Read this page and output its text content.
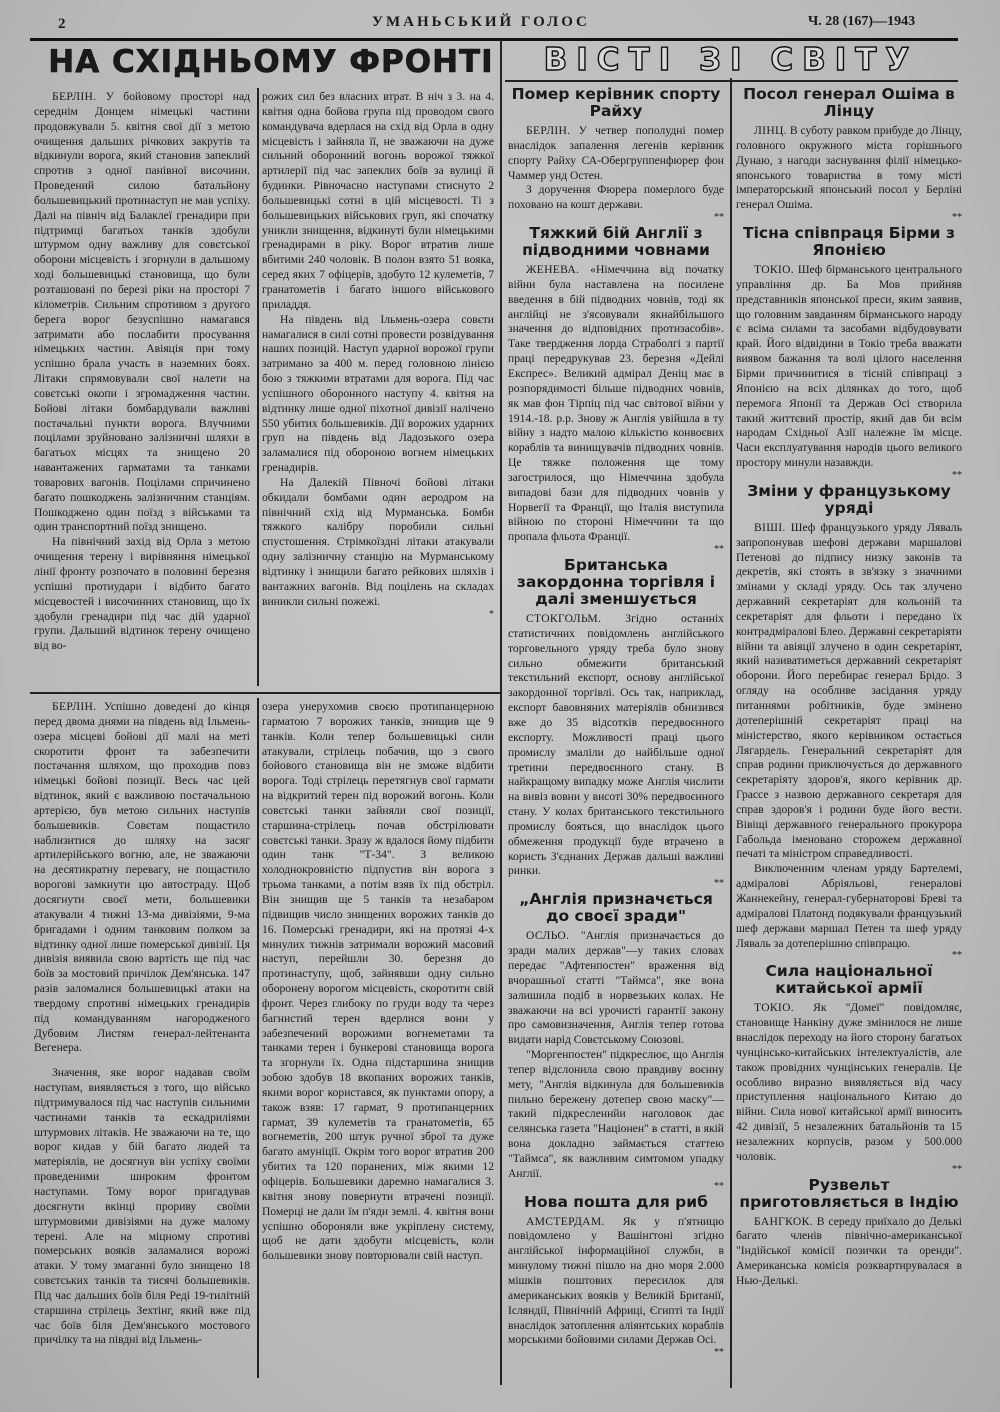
2	УМАНЬСЬКИЙ ГОЛОС	Ч. 28 (167)—1943
НА СХІДНЬОМУ ФРОНТІ	ВІСТІ ЗІ СВІТУ

БЕРЛІН. У бойовому просторі над середнім Донцем німецькі частини продовжували 5. квітня свої дії з метою очищення дальших річкових закрутів та відкинули ворога, який становив запеклий спротив з одної панівної височини. Проведений силою батальйону большевицький протинаступ не мав успіху. Далі на північ від Балаклеї гренадири при підтримці багатьох танків здобули штурмом одну важливу для совєтської оборони місцевість і згорнули в дальшому ході большевицькі становища, що були розташовані по березі ріки на просторі 7 кілометрів. Сильним спротивом з другого берега ворог безуспішно намагався затримати або послабити просування німецьких частин. Авіяція при тому успішно брала участь в наземних боях. Літаки спрямовували свої налети на совєтські окопи і згромадження частин. Бойові літаки бомбардували важливі постачальні пункти ворога. Влучними поцілами зруйновано залізничні шляхи в багатьох місцях та знищено 20 навантажених гарматами та танками товарових вагонів. Поцілами спричинено багато пошкоджень залізничним станціям. Пошкоджено один поїзд з військами та один транспортний поїзд знищено.

На північний захід від Орла з метою очищення терену і вирівняння німецької лінії фронту розпочато в половині березня успішні протиудари і відбито багато місцевостей і височинних становищ, що їх здобули гренадири під час дій ударної групи. Дальший відтинок терену очищено від во-

рожих сил без власних втрат. В ніч з 3. на 4. квітня одна бойова група під проводом свого командувача вдерлася на схід від Орла в одну місцевість і зайняла її, не зважаючи на дуже сильний оборонний вогонь ворожої тяжкої артилерії під час запеклих боїв за вулиці й будинки. Рівночасно наступами стиснуто 2 большевицькі сотні в цій місцевості. Ті з большевицьких військових груп, які спочатку уникли знищення, відкинуті були німецькими гренадирами в ріку. Ворог втратив лише вбитими 240 чоловік. В полон взято 51 вояка, серед яких 7 офіцерів, здобуто 12 кулеметів, 7 гранатометів і багато іншого військового приладдя.

На південь від Ільмень-озера совєти намагалися в силі сотні провести розвідування наших позицій. Наступ ударної ворожої групи затримано за 400 м. перед головною лінією бою з тяжкими втратами для ворога. Під час успішного оборонного наступу 4. квітня на відтинку лише одної піхотної дивізії налічено 550 убитих большевиків. Дії ворожих ударних груп на південь від Ладозького озера заламалися під обороною вогнем німецьких гренадирів.

На Далекій Півночі бойові літаки обкидали бомбами один аеродром на північний схід від Мурманська. Бомби тяжкого калібру поробили сильні спустошення. Стрімкоїздні літаки атакували одну залізничну станцію на Мурманському відтинку і знищили багато рейкових шляхів і вантажних вагонів. Від поцілень на складах виникли сильні пожежі.

*

БЕРЛІН. Успішно доведені до кінця перед двома днями на південь від Ільмень-озера місцеві бойові дії малі на меті скоротити фронт та забезпечити постачання шляхом, що проходив повз німецькі бойові позиції. Весь час цей відтинок, який є важливою постачальною артерією, був метою сильних наступів большевиків. Совєтам пощастило наблизитися до шляху на засяг артилерійського вогню, але, не зважаючи на десятикратну перевагу, не пощастило ворогові замкнути цю автостраду. Щоб досягнути своєї мети, большевики атакували 4 тижні 13-ма дивізіями, 9-ма бригадами і одним танковим полком за відтинку одної лише померської дивізії. Ця дивізія виявила свою вартість ще під час боїв за мостовий причілок Дем'янська. 147 разів заломалися большевицькі атаки на твердому спротиві німецьких гренадирів під командуванням нагородженого Дубовим Листям генерал-лейтенанта Вегенера.

Значення, яке ворог надавав своїм наступам, виявляється з того, що військо підтримувалося під час наступів сильними частинами танків та ескадриліями штурмових літаків. Не зважаючи на те, що ворог кидав у бій багато людей та матеріялів, не досягнув він успіху своїми проведеними широким фронтом наступами. Тому ворог пригадував досягнути вкінці прориву своїми штурмовими дивізіями на дуже малому терені. Але на міцному спротиві померських вояків заламалися ворожі атаки. У тому змаганні було знищено 18 совєтських танків та тисячі большевиків. Під час дальших боїв біля Реді 19-тилітній старшина стрілець Зехтінг, який вже під час боїв біля Дем'янського мостового причілку та на півдні від Ільмень-

озера унерухомив своєю протипанцерною гарматою 7 ворожих танків, знищив ще 9 танків. Коли тепер большевицькі сили атакували, стрілець побачив, що з свого бойового становища він не зможе відбити ворога. Тоді стрілець перетягнув свої гармати на відкритий терен під ворожий вогонь. Коли совєтські танки зайняли свої позиції, старшина-стрілець почав обстрілювати совєтські танки. Зразу ж вдалося йому підбити один танк "Т-34". З великою холоднокровністю підпустив він ворога з трьома танками, а потім взяв їх під обстріл. Він знищив ще 5 танків та незабаром підвищив число знищених ворожих танків до 16. Померські гренадири, які на протязі 4-х минулих тижнів затримали ворожий масовий наступ, перейшли 30. березня до протинаступу, щоб, зайнявши одну сильно оборонену ворогом місцевість, скоротити свій фронт. Через глибоку по груди воду та через багнистий терен вдерлися вони у забезпечений ворожими вогнеметами та танками терен і бункерові становища ворога та згорнули їх. Одна підстаршина знищив зобою здобув 18 вкопаних ворожих танків, якими ворог користався, як пунктами опору, а також взяв: 17 гармат, 9 протипанцерних гармат, 39 кулеметів та гранатометів, 65 вогнеметів, 200 штук ручної зброї та дуже багато амуніції. Окрім того ворог втратив 200 убитих та 120 поранених, між якими 12 офіцерів. Большевики даремно намагалися 3. квітня знову повернути втрачені позиції. Померці не дали їм п'яди землі. 4. квітня вони успішно обороняли вже укріплену систему, щоб не дати здобути місцевість, коли большевики знову повторювали свій наступ.

Помер керівник спорту Райху

БЕРЛІН. У четвер пополудні помер внаслідок запалення легенів керівник спорту Райху СА-Обергруппенфюрер фон Чаммер унд Остен.

З доручення Фюрера померлого буде поховано на кошт держави.

**
Тяжкий бій Англії з підводними човнами

ЖЕНЕВА. «Німеччина від початку війни була наставлена на посилене введення в бій підводних човнів, тоді як англійці не з'ясовували якнайбільшого значення до відповідних протизасобів». Таке твердження лорда Страболгі з партії праці передрукував 23. березня «Дейлі Експрес». Великий адмірал Деніц має в розпорядимості більше підводних човнів, як мав фон Тірпіц під час світової війни у 1914.-18. р.р. Знову ж Англія увійшла в ту війну з надто малою кількістю конвоєвих кораблів та винищувачів підводних човнів. Це тяжке положення ще тому загострилося, що Німеччина здобула випадові бази для підводних човнів у Норвегії та Франції, що Італія виступила війною по стороні Німеччини та що пропала фльота Франції.

**
Британська закордонна торгівля і далі зменшується

СТОКГОЛЬМ. Згідно останніх статистичних повідомлень англійського торговельного уряду треба було знову сильно обмежити британський текстильний експорт, основу англійської закордонної торгівлі. Ось так, наприклад, експорт бавовняних матеріялів обнизився вже до 35 відсотків передвоєнного експорту. Можливості праці цього промислу змаліли до найбільше одної третини передвоєнного стану. В найкращому випадку може Англія числити на вивіз вовни у висоті 30% передвоєнного стану. У колах британського текстильного промислу бояться, що внаслідок цього обмеження продукції буде втрачено в користь З'єднаних Держав дальші важливі ринки.

**
„Англія призначється до своєї зради"

ОСЛЬО. "Англія призначається до зради малих держав"—у таких словах передає "Афтенпостен" враження від вчорашньої статті "Таймса", яке вона залишила подіб в норвезьких колах. Не зважаючи на всі урочисті гарантії закону про самовизначення, Англія тепер готова видати нарід Совєтському Союзові.

"Моргенпостен" підкреслює, що Англія тепер відслонила свою правдиву воєнну мету, "Англія відкинула для большевиків пильно бережену дотепер свою маску"—такий підкресленнйи наголовок дає селянська газета "Націонен" в статті, в якій вона докладно займається статтею "Таймса", як важливим симтомом упадку Англії.

**
Нова пошта для риб

АМСТЕРДАМ. Як у п'ятницю повідомлено у Вашінґтоні згідно англійської інформаційної служби, в минулому тижні пішло на дно моря 2.000 мішків поштових пересилок для американських вояків у Великій Британії, Ісляндії, Північній Африці, Єгипті та Індії внаслідок затоплення аліянтських кораблів морськими бойовими силами Держав Осі.

**
Посол генерал Ошіма в Лінцу

ЛІНЦ. В суботу равком прибуде до Лінцу, головного окружного міста горішнього Дунаю, з нагоди заснування філії німецько-японського товариства в тому місті імператорський японський посол у Берліні генерал Ошіма.

**
Тісна співпраця Бірми з Японією

ТОКІО. Шеф бірманського центрального управління др. Ба Мов прийняв представників японської преси, яким заявив, що головним завданням бірманського народу є всіма силами та засобами відбудовувати край. Його відвідини в Токіо треба вважати виявом бажання та волі цілого населення Бірми причинитися в тісній співпраці з Японією на всіх ділянках до того, щоб перемога Японії та Держав Осі створила такий життєвий простір, який дав би всім народам Східньої Азії належне їм місце. Часи експлуатування народів цього великого простору минули назавжди.

**
Зміни у французькому уряді

ВІШІ. Шеф французького уряду Ляваль запропонував шефові держави маршалові Петенові до підпису низку законів та декретів, які стоять в зв'язку з значними змінами у складі уряду. Ось так злучено державний секретаріят для кольоній та секретаріят для фльоти і передано їх контрадміралові Блео. Державні секретаріяти війни та авіяції злучено в один секретаріят, який називатиметься державний секретаріят оборони. Його перебирає генерал Брідо. З огляду на особливе засідання уряду питаннями робітників, буде змінено дотеперішній секретаріят праці на міністерство, якого керівником остається Лягардель. Генеральний секретаріят для справ родини приключується до державного секретаріяту здоров'я, якого керівник др. Грассе з назвою державного секретаря для справ здоров'я і родини буде його вести. Вівіщі державного генерального прокурора Габольда іменовано сторожем державної печаті та міністром справедливості.

Виключенним членам уряду Бартелемі, адміралові Абріяльові, генералові Жаннекейну, генерал-губернаторові Бреві та адміралові Платонд подякували французький шеф держави маршал Петен та шеф уряду Ляваль за дотеперішню співпрацю.

**
Сила національної китайської армії

ТОКІО. Як "Домеї" повідомляє, становище Нанкіну дуже змінилося не лише внаслідок переходу на його сторону багатьох чунцінсько-китайських інтелектуалістів, але також провідних чунцінських генералів. Це особливо виразно виявляється від часу приступлення національного Китаю до війни. Сила нової китайської армії виносить 42 дивізії, 5 незалежних батальйонів та 15 незалежних корпусів, разом у 500.000 чоловік.

**
Рузвельт приготовляється в Індію

БАНГКОК. В середу приїхало до Делькі багато членів північно-американської "Індійської комісії позички та оренди". Американська комісія розквартирувалася в Нью-Делькі.
